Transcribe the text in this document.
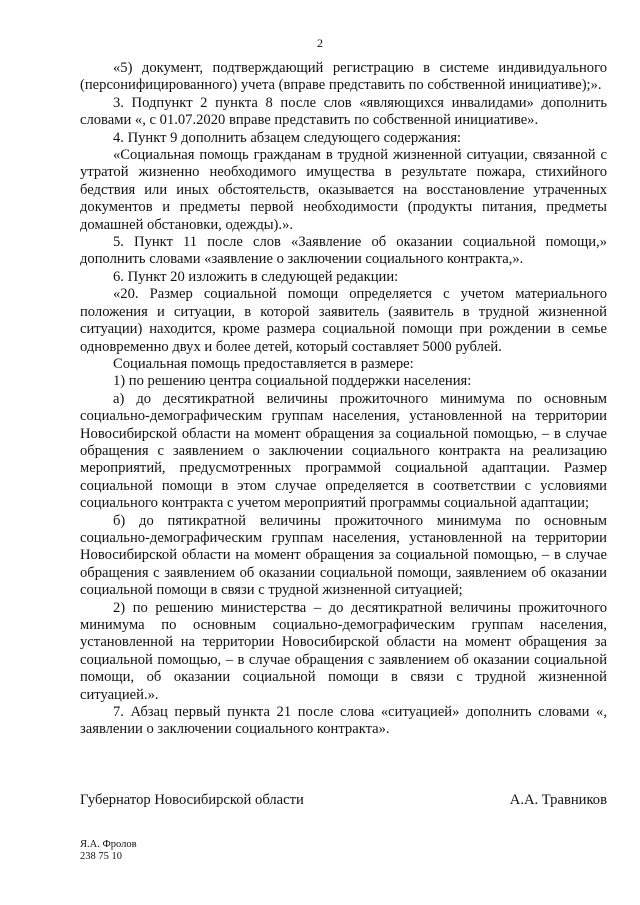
2

«5) документ, подтверждающий регистрацию в системе индивидуального (персонифицированного) учета (вправе представить по собственной инициативе);».

3. Подпункт 2 пункта 8 после слов «являющихся инвалидами» дополнить словами «, с 01.07.2020 вправе представить по собственной инициативе».

4. Пункт 9 дополнить абзацем следующего содержания:

«Социальная помощь гражданам в трудной жизненной ситуации, связанной с утратой жизненно необходимого имущества в результате пожара, стихийного бедствия или иных обстоятельств, оказывается на восстановление утраченных документов и предметы первой необходимости (продукты питания, предметы домашней обстановки, одежды).».

5. Пункт 11 после слов «Заявление об оказании социальной помощи,» дополнить словами «заявление о заключении социального контракта,».

6. Пункт 20 изложить в следующей редакции:

«20. Размер социальной помощи определяется с учетом материального положения и ситуации, в которой заявитель (заявитель в трудной жизненной ситуации) находится, кроме размера социальной помощи при рождении в семье одновременно двух и более детей, который составляет 5000 рублей.

Социальная помощь предоставляется в размере:

1) по решению центра социальной поддержки населения:

а) до десятикратной величины прожиточного минимума по основным социально-демографическим группам населения, установленной на территории Новосибирской области на момент обращения за социальной помощью, – в случае обращения с заявлением о заключении социального контракта на реализацию мероприятий, предусмотренных программой социальной адаптации. Размер социальной помощи в этом случае определяется в соответствии с условиями социального контракта с учетом мероприятий программы социальной адаптации;

б) до пятикратной величины прожиточного минимума по основным социально-демографическим группам населения, установленной на территории Новосибирской области на момент обращения за социальной помощью, – в случае обращения с заявлением об оказании социальной помощи, заявлением об оказании социальной помощи в связи с трудной жизненной ситуацией;

2) по решению министерства – до десятикратной величины прожиточного минимума по основным социально-демографическим группам населения, установленной на территории Новосибирской области на момент обращения за социальной помощью, – в случае обращения с заявлением об оказании социальной помощи, об оказании социальной помощи в связи с трудной жизненной ситуацией.».

7. Абзац первый пункта 21 после слова «ситуацией» дополнить словами «, заявлении о заключении социального контракта».

Губернатор Новосибирской области	А.А. Травников
Я.А. Фролов
238 75 10
